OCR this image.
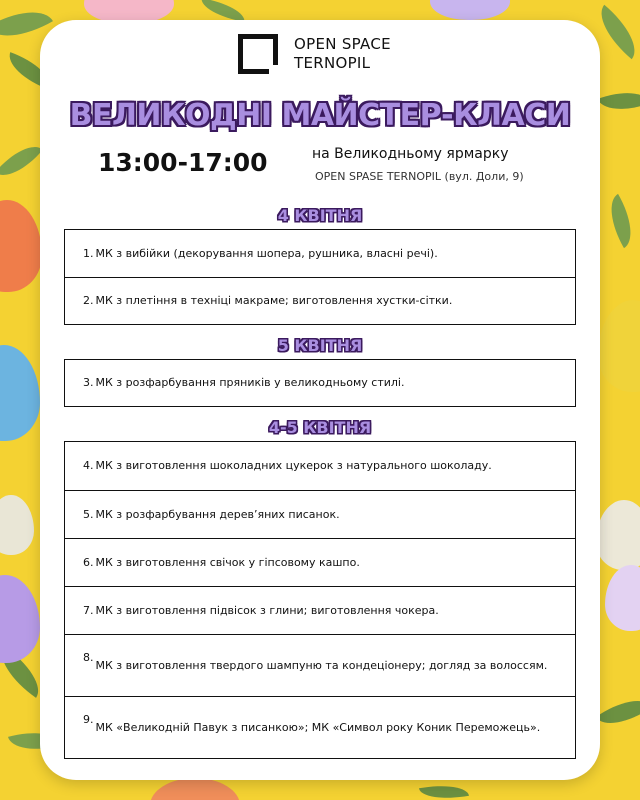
OPEN SPACE
TERNOPIL
ВЕЛИКОДНІ МАЙСТЕР-КЛАСИ
13:00-17:00	на Великодньому ярмарку
OPEN SPASE TERNOPIL (вул. Доли, 9)
4 КВІТНЯ
1. МК з вибійки (декорування шопера, рушника, власні речі).
2. МК з плетіння в техніці макраме; виготовлення хустки-сітки.
5 КВІТНЯ
3. МК з розфарбування пряників у великодньому стилі.
4-5 КВІТНЯ
4. МК з виготовлення шоколадних цукерок з натурального шоколаду.
5. МК з розфарбування дерев’яних писанок.
6. МК з виготовлення свічок у гіпсовому кашпо.
7. МК з виготовлення підвісок з глини; виготовлення чокера.
8.
МК з виготовлення твердого шампуню та кондеціонеру; догляд за волоссям.
9.
МК «Великодній Павук з писанкою»; МК «Символ року Коник Переможець».
